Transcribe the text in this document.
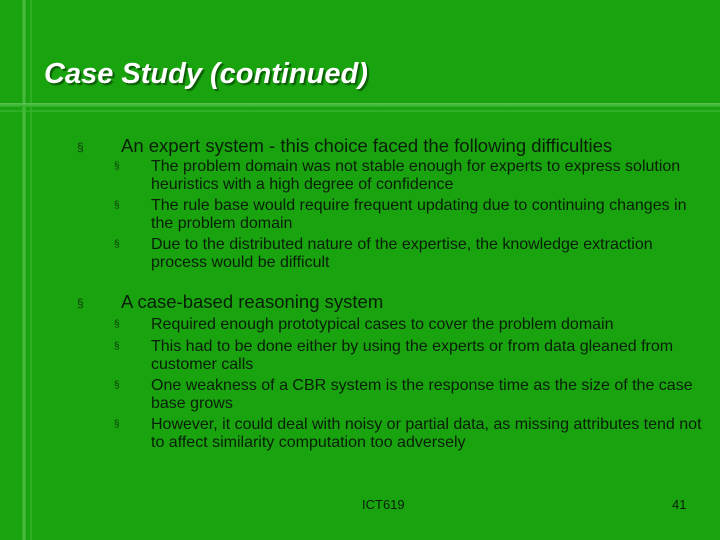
Case Study (continued)
§ An expert system - this choice faced the following difficulties
§ The problem domain was not stable enough for experts to express solution heuristics with a high degree of confidence
§ The rule base would require frequent updating due to continuing changes in the problem domain
§ Due to the distributed nature of the expertise, the knowledge extraction process would be difficult
§ A case-based reasoning system
§ Required enough prototypical cases to cover the problem domain
§ This had to be done either by using the experts or from data gleaned from customer calls
§ One weakness of a CBR system is the response time as the size of the case base grows
§ However, it could deal with noisy or partial data, as missing attributes tend not to affect similarity computation too adversely
ICT619	41
